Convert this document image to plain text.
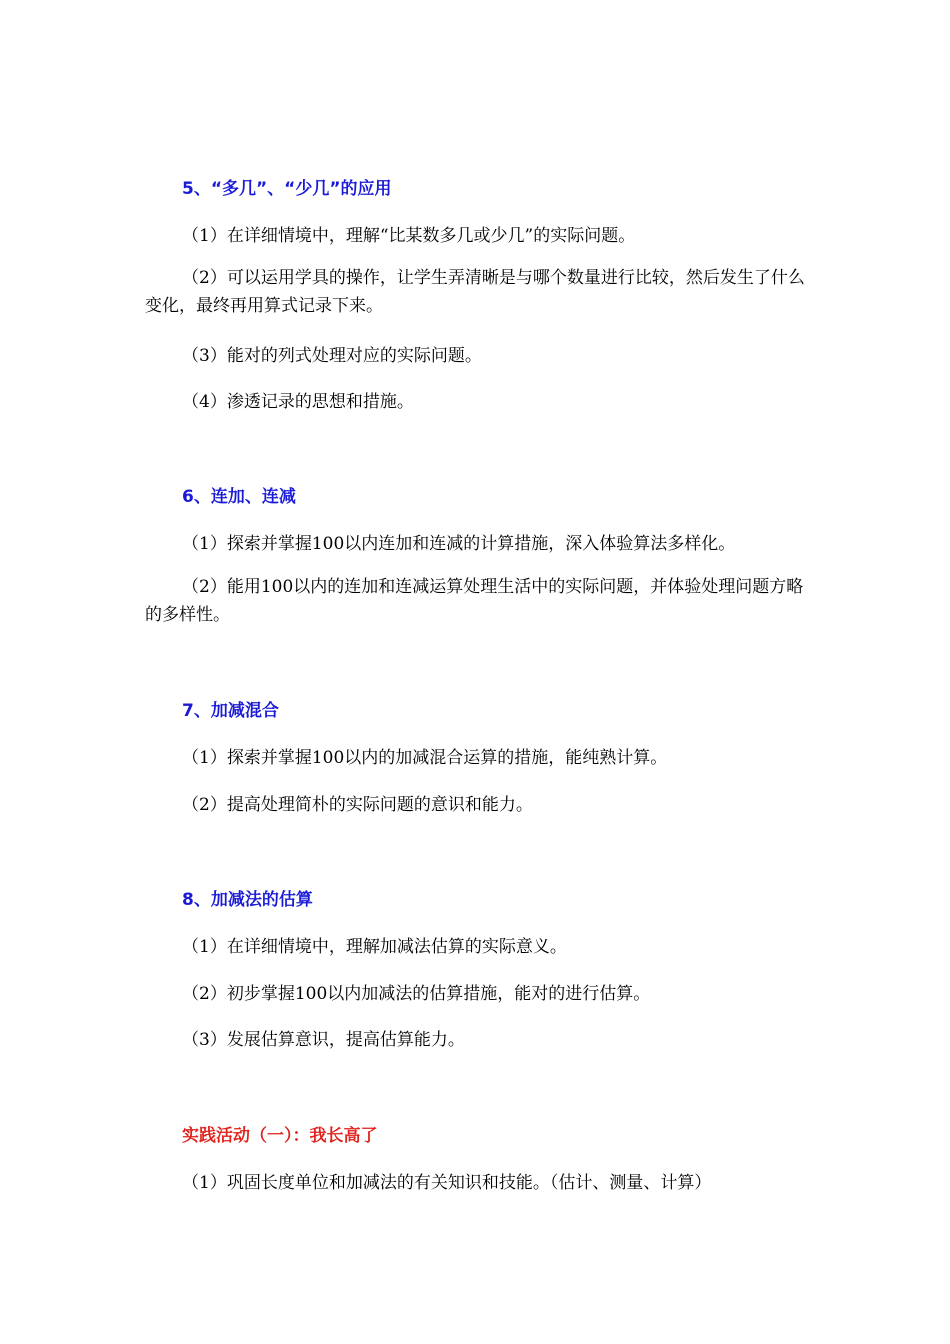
5、“多几”、“少几”的应用
（1）在详细情境中，理解“比某数多几或少几”的实际问题。
（2）可以运用学具的操作，让学生弄清晰是与哪个数量进行比较，然后发生了什么变化，最终再用算式记录下来。
（3）能对的列式处理对应的实际问题。
（4）渗透记录的思想和措施。
6、连加、连减
（1）探索并掌握100以内连加和连减的计算措施，深入体验算法多样化。
（2）能用100以内的连加和连减运算处理生活中的实际问题，并体验处理问题方略的多样性。
7、加减混合
（1）探索并掌握100以内的加减混合运算的措施，能纯熟计算。
（2）提高处理简朴的实际问题的意识和能力。
8、加减法的估算
（1）在详细情境中，理解加减法估算的实际意义。
（2）初步掌握100以内加减法的估算措施，能对的进行估算。
（3）发展估算意识，提高估算能力。
实践活动（一）：我长高了
（1）巩固长度单位和加减法的有关知识和技能。（估计、测量、计算）
